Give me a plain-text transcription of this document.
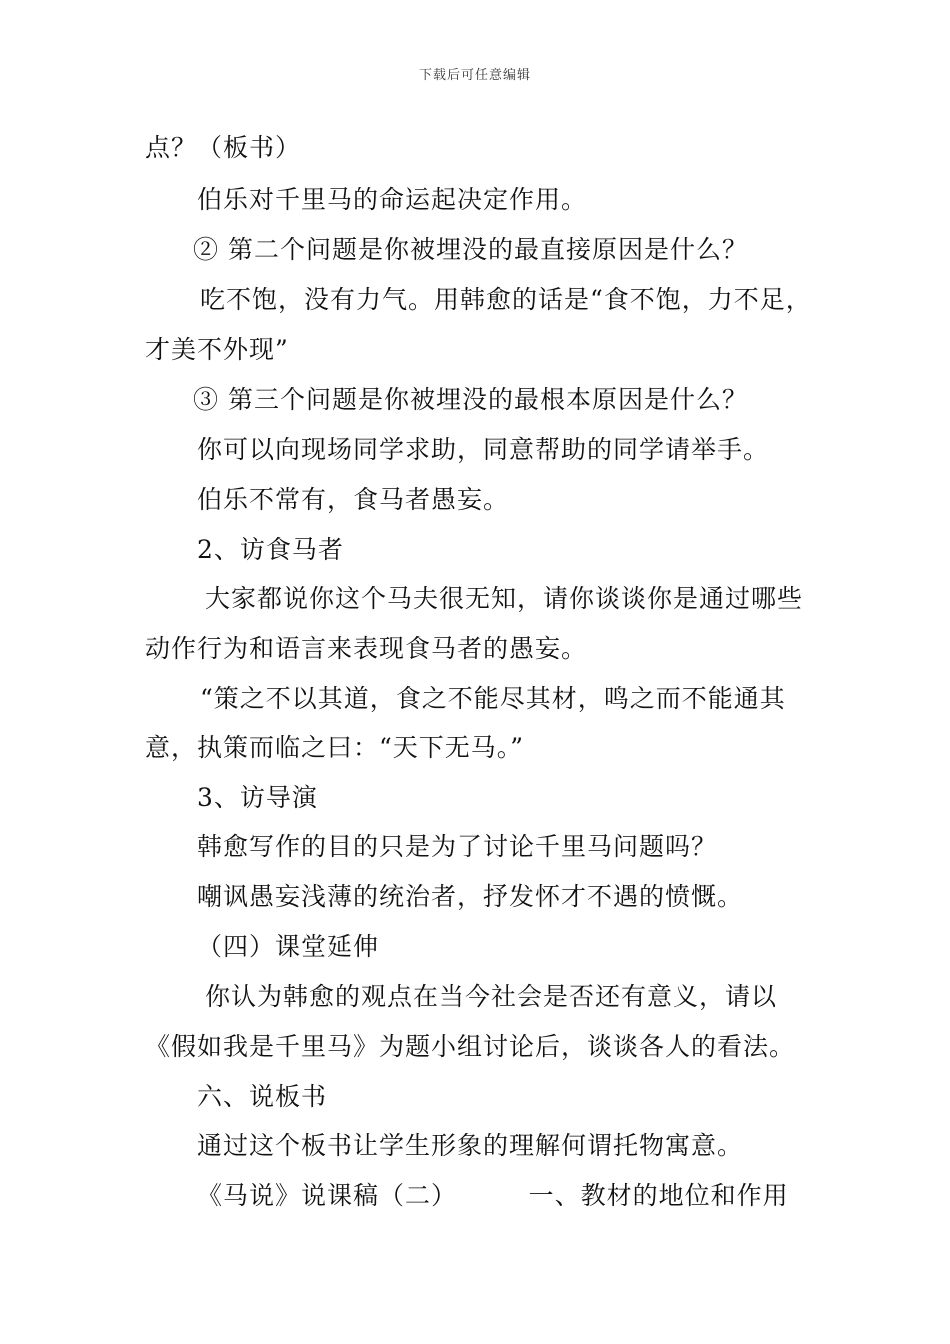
下载后可任意编辑
点？（板书）
伯乐对千里马的命运起决定作用。
② 第二个问题是你被埋没的最直接原因是什么？
吃不饱，没有力气。用韩愈的话是“食不饱，力不足，
才美不外现”
③ 第三个问题是你被埋没的最根本原因是什么？
你可以向现场同学求助，同意帮助的同学请举手。
伯乐不常有，食马者愚妄。
2、访食马者
大家都说你这个马夫很无知，请你谈谈你是通过哪些
动作行为和语言来表现食马者的愚妄。
“策之不以其道，食之不能尽其材，鸣之而不能通其
意，执策而临之曰：“天下无马。”
3、访导演
韩愈写作的目的只是为了讨论千里马问题吗？
嘲讽愚妄浅薄的统治者，抒发怀才不遇的愤慨。
（四）课堂延伸
你认为韩愈的观点在当今社会是否还有意义，请以
《假如我是千里马》为题小组讨论后，谈谈各人的看法。
六、说板书
通过这个板书让学生形象的理解何谓托物寓意。
《马说》说课稿（二）        一、教材的地位和作用
